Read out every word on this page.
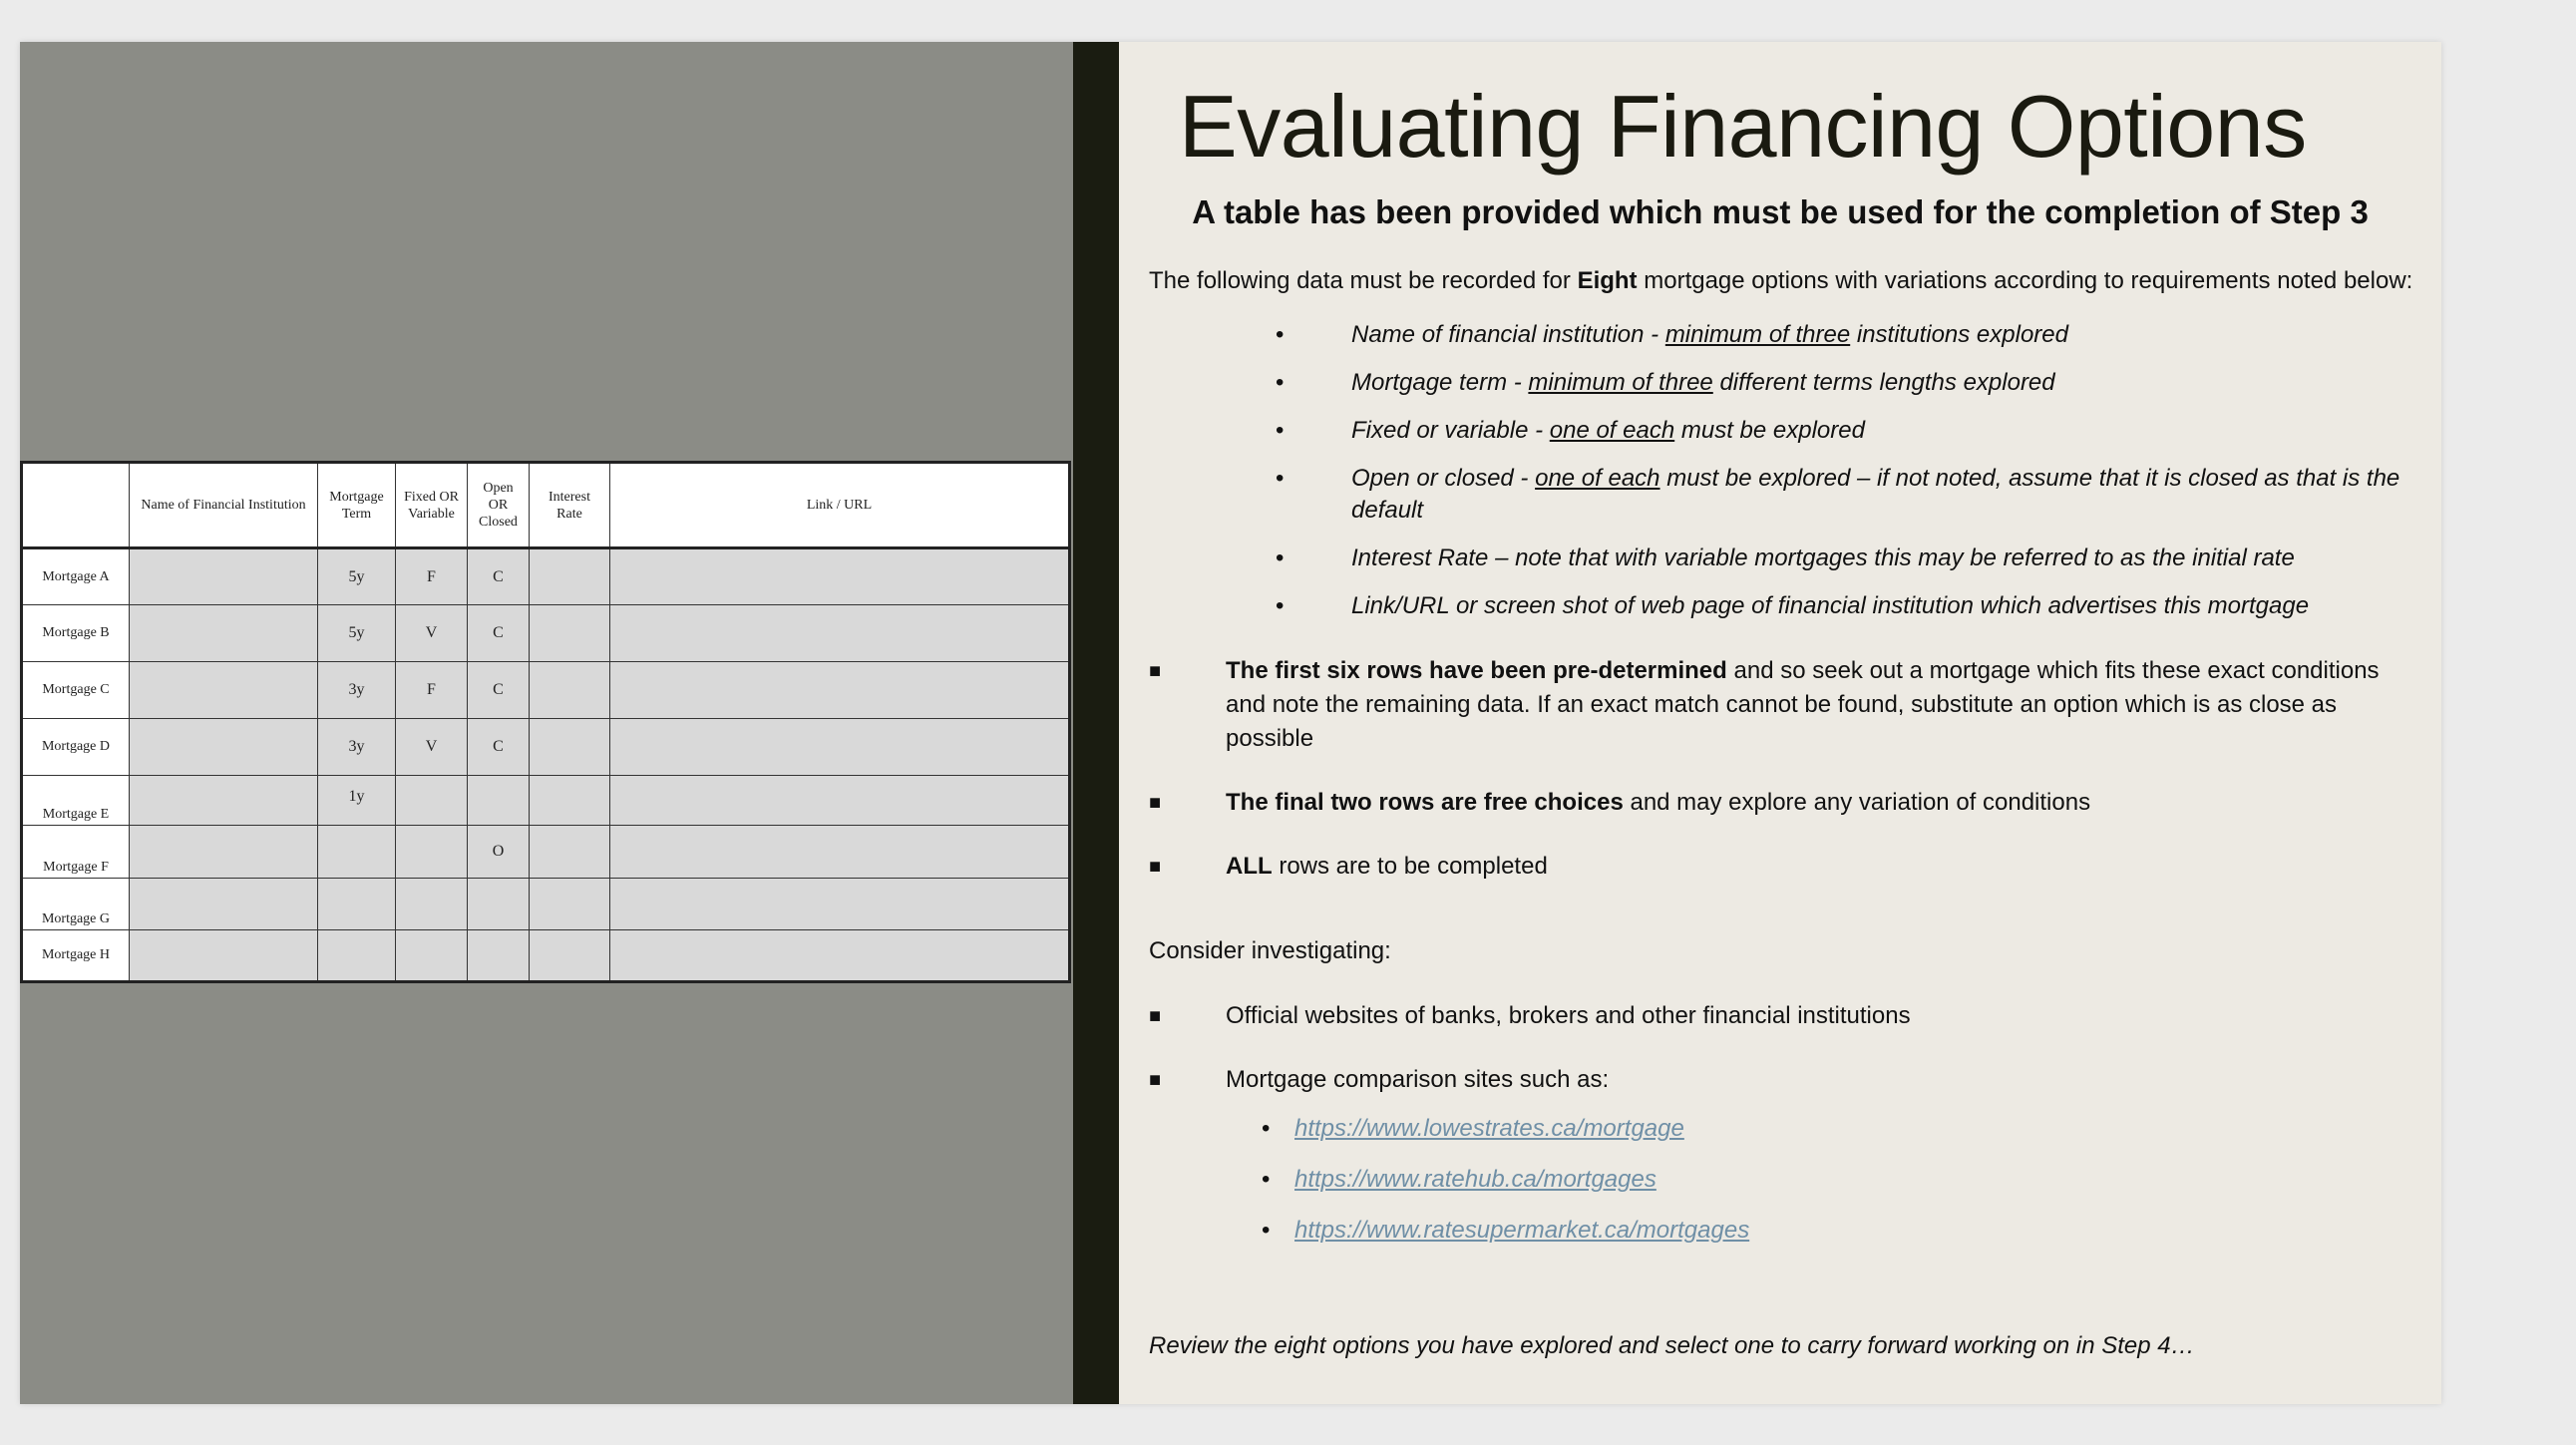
	Name of Financial Institution	Mortgage Term	Fixed OR Variable	Open OR Closed	Interest Rate	Link / URL
Mortgage A		5y	F	C		
Mortgage B		5y	V	C		
Mortgage C		3y	F	C		
Mortgage D		3y	V	C		
Mortgage E		1y				
Mortgage F				O		
Mortgage G						
Mortgage H						
Evaluating Financing Options
A table has been provided which must be used for the completion of Step 3

The following data must be recorded for Eight mortgage options with variations according to requirements noted below:

•	Name of financial institution - minimum of three institutions explored
•	Mortgage term - minimum of three different terms lengths explored
•	Fixed or variable - one of each must be explored
•	Open or closed - one of each must be explored – if not noted, assume that it is closed as that is the default
•	Interest Rate – note that with variable mortgages this may be referred to as the initial rate
•	Link/URL or screen shot of web page of financial institution which advertises this mortgage
■	The first six rows have been pre-determined and so seek out a mortgage which fits these exact conditions and note the remaining data. If an exact match cannot be found, substitute an option which is as close as possible
■	The final two rows are free choices and may explore any variation of conditions
■	ALL rows are to be completed

Consider investigating:

■	Official websites of banks, brokers and other financial institutions
■	Mortgage comparison sites such as:
• https://www.lowestrates.ca/mortgage
• https://www.ratehub.ca/mortgages
• https://www.ratesupermarket.ca/mortgages

Review the eight options you have explored and select one to carry forward working on in Step 4…
